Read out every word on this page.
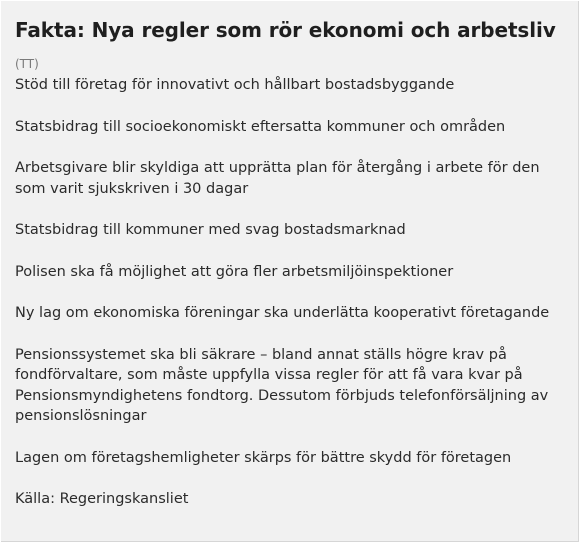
Fakta: Nya regler som rör ekonomi och arbetsliv
(TT)

Stöd till företag för innovativt och hållbart bostadsbyggande

Statsbidrag till socioekonomiskt eftersatta kommuner och områden

Arbetsgivare blir skyldiga att upprätta plan för återgång i arbete för den
som varit sjukskriven i 30 dagar

Statsbidrag till kommuner med svag bostadsmarknad

Polisen ska få möjlighet att göra fler arbetsmiljöinspektioner

Ny lag om ekonomiska föreningar ska underlätta kooperativt företagande

Pensionssystemet ska bli säkrare – bland annat ställs högre krav på
fondförvaltare, som måste uppfylla vissa regler för att få vara kvar på
Pensionsmyndighetens fondtorg. Dessutom förbjuds telefonförsäljning av
pensionslösningar

Lagen om företagshemligheter skärps för bättre skydd för företagen

Källa: Regeringskansliet
